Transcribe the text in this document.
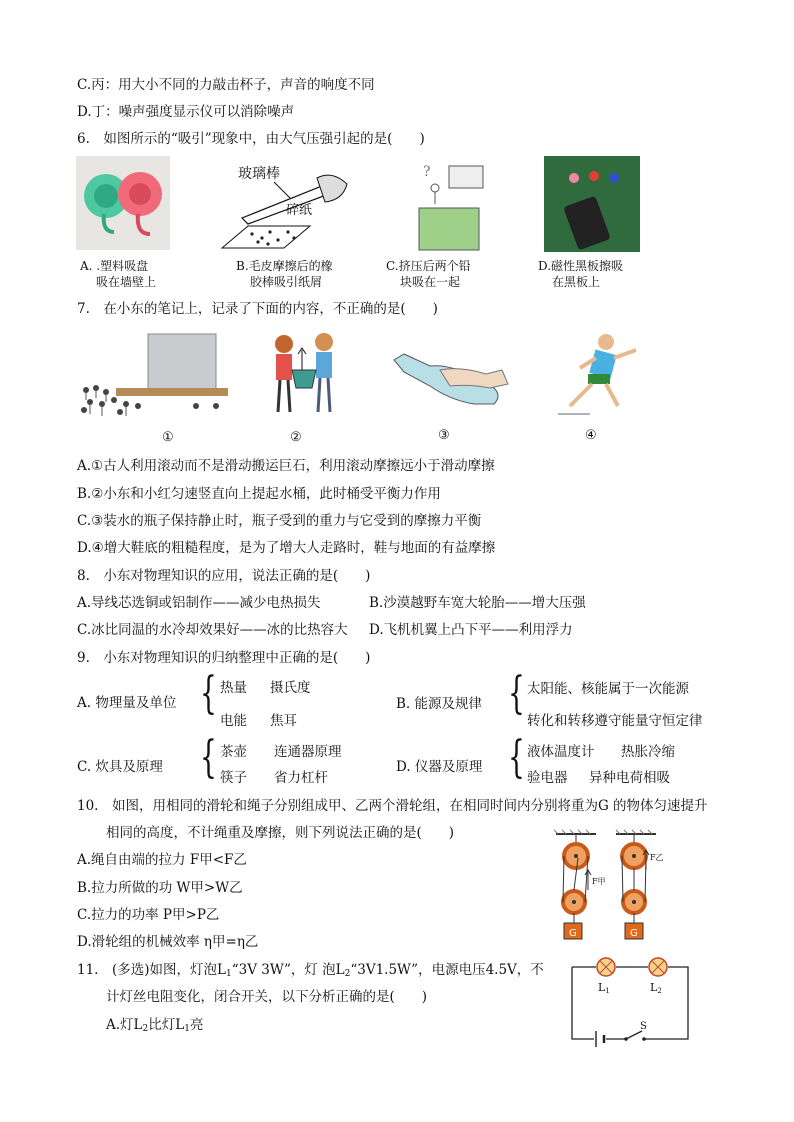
C.丙：用大小不同的力敲击杯子，声音的响度不同
D.丁：噪声强度显示仪可以消除噪声
6.　如图所示的“吸引”现象中，由大气压强引起的是(　　)
A. .塑料吸盘
吸在墙壁上
玻璃棒
碎纸
B.毛皮摩擦后的橡
胶棒吸引纸屑
?
C.挤压后两个铅
块吸在一起
D.磁性黑板擦吸
在黑板上
7.　在小东的笔记上，记录了下面的内容，不正确的是(　　)
①	②	③	④
A.①古人利用滚动而不是滑动搬运巨石，利用滚动摩擦远小于滑动摩擦
B.②小东和小红匀速竖直向上提起水桶，此时桶受平衡力作用
C.③装水的瓶子保持静止时，瓶子受到的重力与它受到的摩擦力平衡
D.④增大鞋底的粗糙程度，是为了增大人走路时，鞋与地面的有益摩擦
8.　小东对物理知识的应用，说法正确的是(　　)
A.导线芯选铜或铝制作——减少电热损失	B.沙漠越野车宽大轮胎——增大压强
C.冰比同温的水冷却效果好——冰的比热容大 D.飞机机翼上凸下平——利用浮力
9.　小东对物理知识的归纳整理中正确的是(　　)
A. 物理量及单位 { 热量 摄氏度
电能 焦耳
B. 能源及规律 { 太阳能、核能属于一次能源
转化和转移遵守能量守恒定律
C. 炊具及原理 { 茶壶 连通器原理
筷子 省力杠杆
D. 仪器及原理 { 液体温度计 热胀冷缩
验电器 异种电荷相吸
10.　如图，用相同的滑轮和绳子分别组成甲、乙两个滑轮组，在相同时间内分别将重为G 的物体匀速提升
相同的高度，不计绳重及摩擦，则下列说法正确的是(　　)
A.绳自由端的拉力 F甲<F乙
B.拉力所做的功 W甲>W乙
C.拉力的功率 P甲>P乙
D.滑轮组的机械效率 η甲=η乙
F甲
G
F乙
G
11.　(多选)如图，灯泡$L_1“3V$ 3W”，灯 泡$L_2“3V1.5W$”，电源电压4.5V，不
计灯丝电阻变化，闭合开关，以下分析正确的是(　　)
A.灯$L_2$比灯$L_1$亮
L1	L2
S
